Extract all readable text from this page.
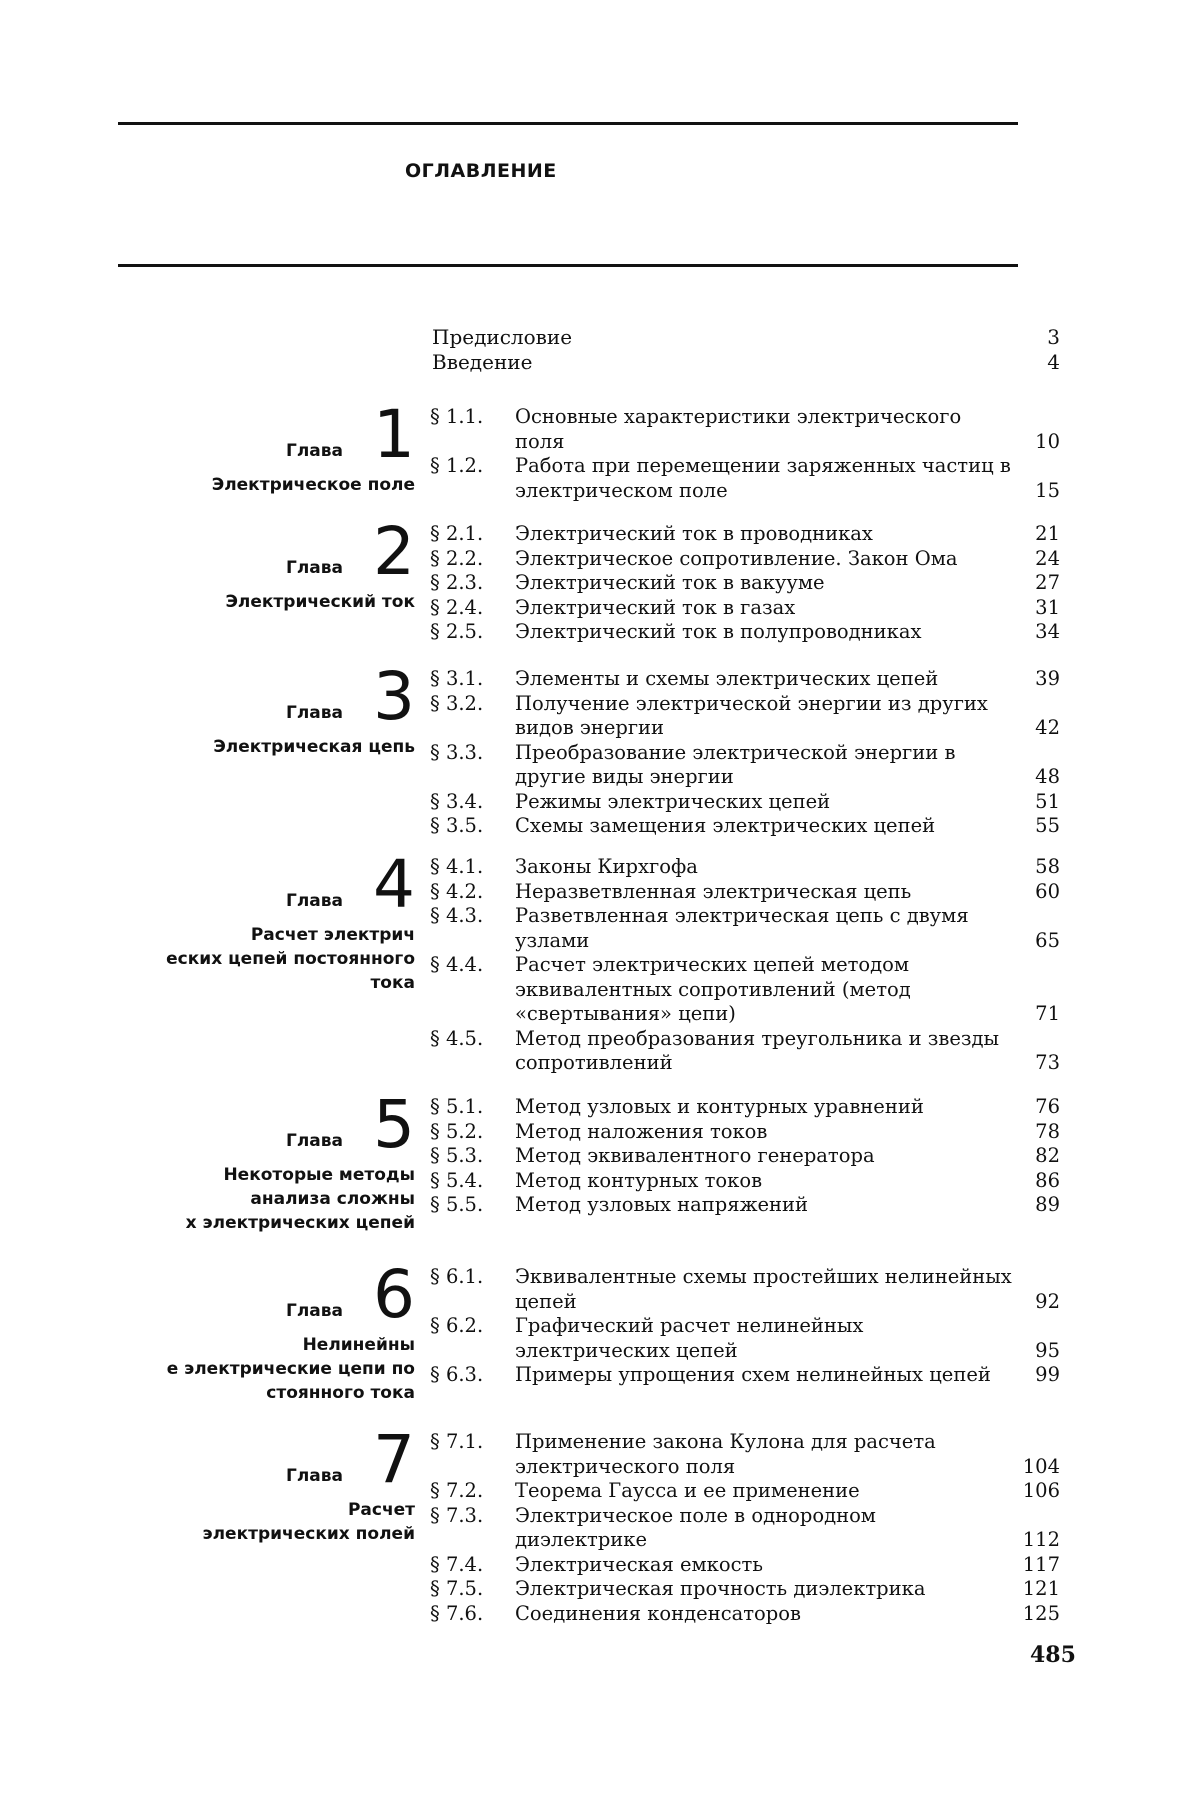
ОГЛАВЛЕНИЕ
Предисловие	3
Введение	4
Глава 1
Электрическое поле
§ 1.1.	Основные характеристики электрического поля	10
§ 1.2.	Работа при перемещении заряженных частиц в электрическом поле	15
Глава 2
Электрический ток
§ 2.1.	Электрический ток в проводниках	21
§ 2.2.	Электрическое сопротивление. Закон Ома	24
§ 2.3.	Электрический ток в вакууме	27
§ 2.4.	Электрический ток в газах	31
§ 2.5.	Электрический ток в полупроводниках	34
Глава 3
Электрическая цепь
§ 3.1.	Элементы и схемы электрических цепей	39
§ 3.2.	Получение электрической энергии из других видов энергии	42
§ 3.3.	Преобразование электрической энергии в другие виды энергии	48
§ 3.4.	Режимы электрических цепей	51
§ 3.5.	Схемы замещения электрических цепей	55
Глава 4
Расчет электрич
еских цепей постоянного тока
§ 4.1.	Законы Кирхгофа	58
§ 4.2.	Неразветвленная электрическая цепь	60
§ 4.3.	Разветвленная электрическая цепь с двумя узлами	65
§ 4.4.	Расчет электрических цепей методом эквивалентных сопротивлений (метод «свертывания» цепи)	71
§ 4.5.	Метод преобразования треугольника и звезды сопротивлений	73
Глава 5
Некоторые методы
анализа сложны
х электрических цепей
§ 5.1.	Метод узловых и контурных уравнений	76
§ 5.2.	Метод наложения токов	78
§ 5.3.	Метод эквивалентного генератора	82
§ 5.4.	Метод контурных токов	86
§ 5.5.	Метод узловых напряжений	89
Глава 6
Нелинейны
е электрические цепи по
стоянного тока
§ 6.1.	Эквивалентные схемы простейших нелинейных цепей	92
§ 6.2.	Графический расчет нелинейных электрических цепей	95
§ 6.3.	Примеры упрощения схем нелинейных цепей	99
Глава 7
Расчет
электрических полей
§ 7.1.	Применение закона Кулона для расчета электрического поля	104
§ 7.2.	Теорема Гаусса и ее применение	106
§ 7.3.	Электрическое поле в однородном диэлектрике	112
§ 7.4.	Электрическая емкость	117
§ 7.5.	Электрическая прочность диэлектрика	121
§ 7.6.	Соединения конденсаторов	125
485
